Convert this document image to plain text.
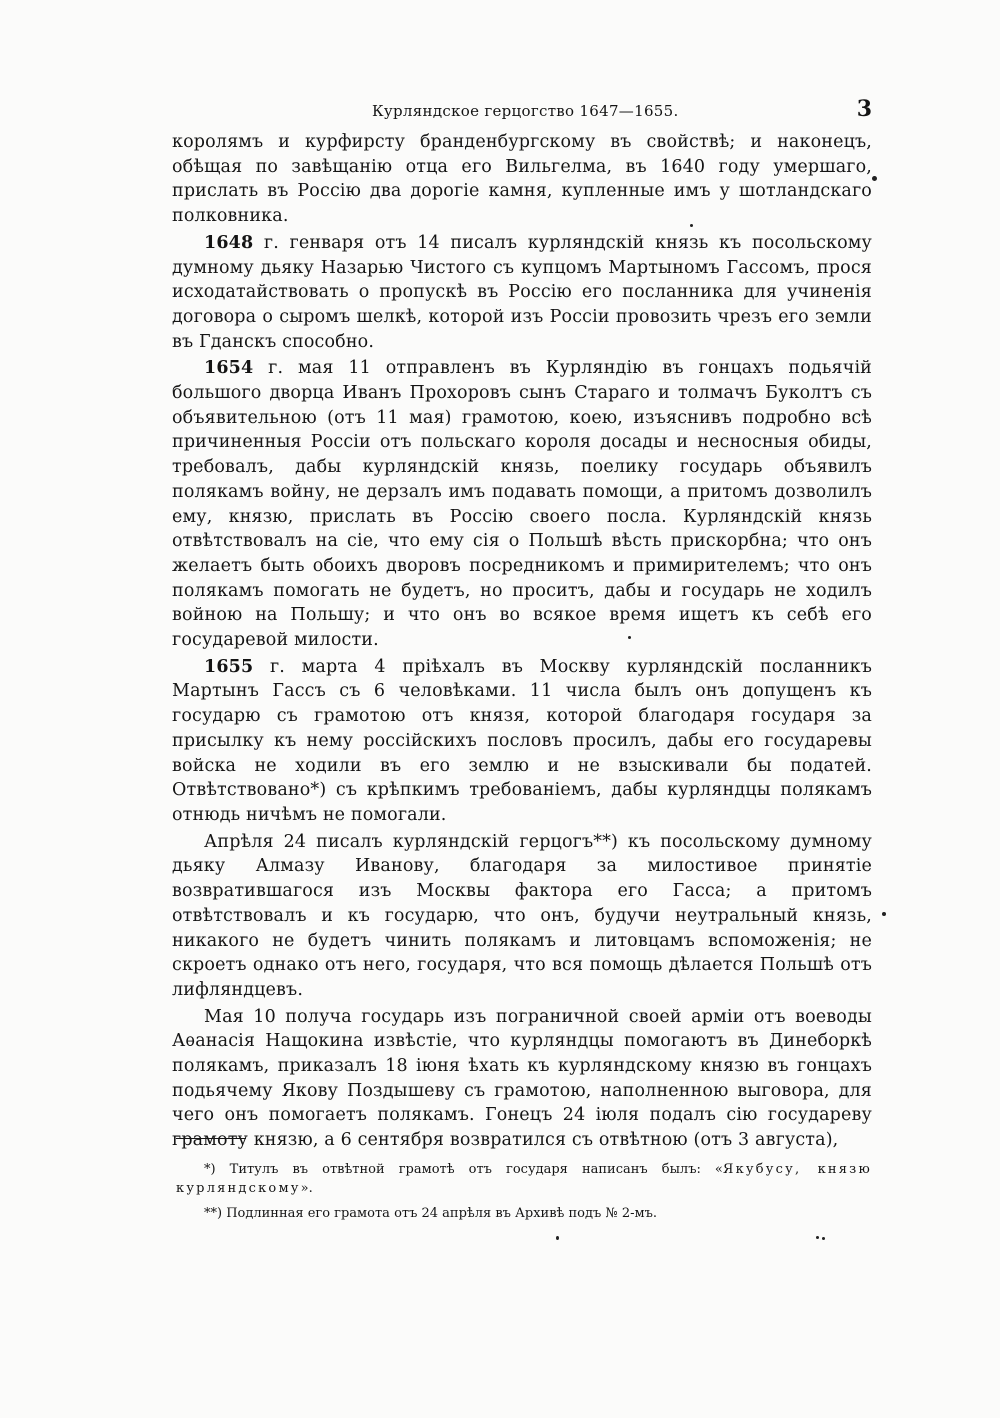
Курляндское герцогство 1647—1655.	3

королямъ и курфирсту бранденбургскому въ свойствѣ; и наконецъ, обѣщая по завѣщанію отца его Вильгелма, въ 1640 году умершаго, прислать въ Россію два дорогіе камня, купленные имъ у шотландскаго полковника.

1648 г. генваря отъ 14 писалъ курляндскій князь къ посольскому думному дьяку Назарью Чистого съ купцомъ Мартыномъ Гассомъ, прося исходатайствовать о пропускѣ въ Россію его посланника для учиненія договора о сыромъ шелкѣ, которой изъ Россіи провозить чрезъ его земли въ Гданскъ способно.

1654 г. мая 11 отправленъ въ Курляндію въ гонцахъ подьячій большого дворца Иванъ Прохоровъ сынъ Стараго и толмачъ Буколтъ съ объявительною (отъ 11 мая) грамотою, коею, изъяснивъ подробно всѣ причиненныя Россіи отъ польскаго короля досады и несносныя обиды, требовалъ, дабы курляндскій князь, поелику государь объявилъ полякамъ войну, не дерзалъ имъ подавать помощи, а притомъ дозволилъ ему, князю, прислать въ Россію своего посла. Курляндскій князь отвѣтствовалъ на сіе, что ему сія о Польшѣ вѣсть прискорбна; что онъ желаетъ быть обоихъ дворовъ посредникомъ и примирителемъ; что онъ полякамъ помогать не будетъ, но проситъ, дабы и государь не ходилъ войною на Польшу; и что онъ во всякое время ищетъ къ себѣ его государевой милости.

1655 г. марта 4 пріѣхалъ въ Москву курляндскій посланникъ Мартынъ Гассъ съ 6 человѣками. 11 числа былъ онъ допущенъ къ государю съ грамотою отъ князя, которой благодаря государя за присылку къ нему россійскихъ пословъ просилъ, дабы его государевы войска не ходили въ его землю и не взыскивали бы податей. Отвѣтствовано*) съ крѣпкимъ требованіемъ, дабы курляндцы полякамъ отнюдь ничѣмъ не помогали.

Апрѣля 24 писалъ курляндскій герцогъ**) къ посольскому думному дьяку Алмазу Иванову, благодаря за милостивое принятіе возвратившагося изъ Москвы фактора его Гасса; а притомъ отвѣтствовалъ и къ государю, что онъ, будучи неутральный князь, никакого не будетъ чинить полякамъ и литовцамъ вспоможенія; не скроетъ однако отъ него, государя, что вся помощь дѣлается Польшѣ отъ лифляндцевъ.

Мая 10 получа государь изъ пограничной своей арміи отъ воеводы Аѳанасія Нащокина извѣстіе, что курляндцы помогаютъ въ Динеборкѣ полякамъ, приказалъ 18 іюня ѣхать къ курляндскому князю въ гонцахъ подьячему Якову Поздышеву съ грамотою, наполненною выговора, для чего онъ помогаетъ полякамъ. Гонецъ 24 іюля подалъ сію государеву грамоту князю, а 6 сентября возвратился съ отвѣтною (отъ 3 августа),

*) Титулъ въ отвѣтной грамотѣ отъ государя написанъ былъ: «Якубусу, князю курляндскому».

**) Подлинная его грамота отъ 24 апрѣля въ Архивѣ подъ № 2-мъ.
